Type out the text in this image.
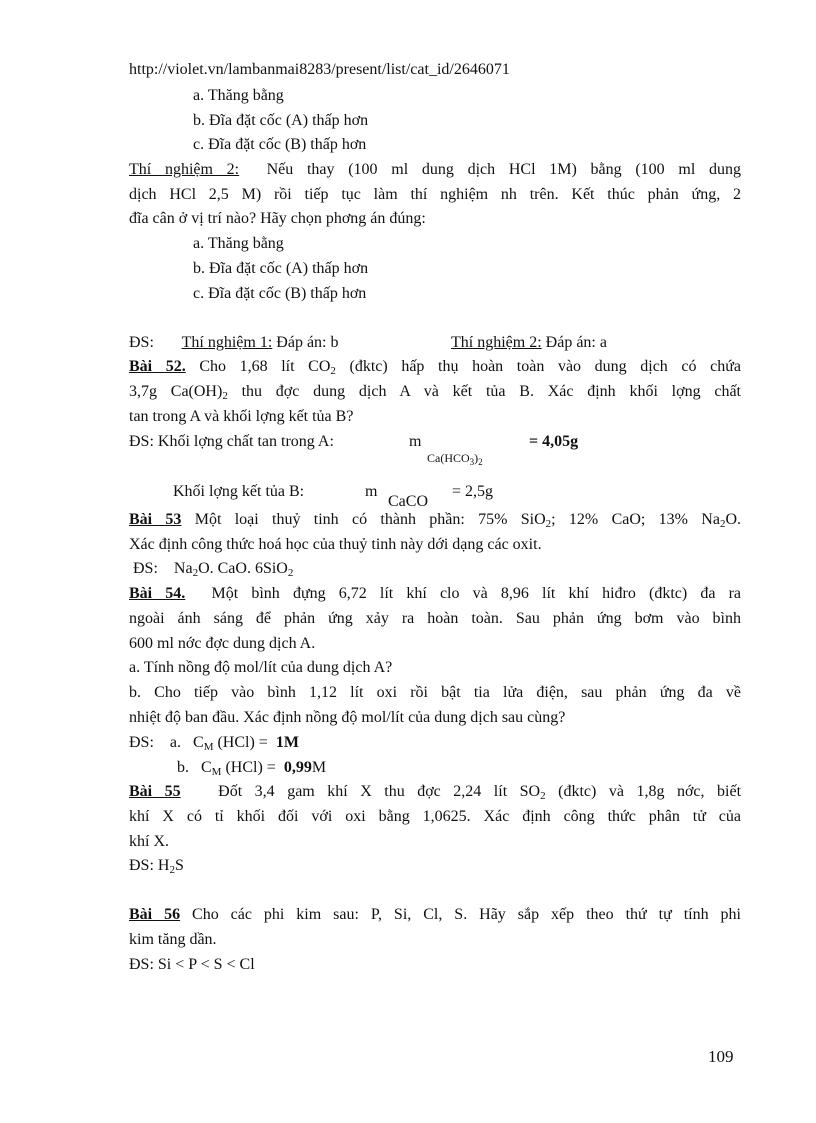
http://violet.vn/lambanmai8283/present/list/cat_id/2646071
a. Thăng bằng
b. Đĩa đặt cốc (A) thấp hơn
c. Đĩa đặt cốc (B) thấp hơn
Thí nghiệm 2: Nếu thay (100 ml dung dịch HCl 1M) bằng (100 ml dung
dịch HCl 2,5 M) rồi tiếp tục làm thí nghiệm nh trên. Kết thúc phản ứng, 2
đĩa cân ở vị trí nào? Hãy chọn phơng án đúng:
a. Thăng bằng
b. Đĩa đặt cốc (A) thấp hơn
c. Đĩa đặt cốc (B) thấp hơn
ĐS: Thí nghiệm 1: Đáp án: b	Thí nghiệm 2: Đáp án: a
Bài 52. Cho 1,68 lít $CO_2$ (đktc) hấp thụ hoàn toàn vào dung dịch có chứa
3,7g $Ca(OH)_2$ thu đợc dung dịch A và kết tủa B. Xác định khối lợng chất
tan trong A và khối lợng kết tủa B?
ĐS: Khối lợng chất tan trong A:	m
$Ca(HCO_3)_2$
= 4,05g
Khối lợng kết tủa B:	m
CaCO
= 2,5g
Bài 53 Một loại thuỷ tinh có thành phần: 75% SiO$_2$; 12% CaO; 13% $Na_2O$.
Xác định công thức hoá học của thuỷ tinh này dới dạng các oxit.
ĐS: $Na_2O$. CaO. 6SiO$_2$
Bài 54. Một bình đựng 6,72 lít khí clo và 8,96 lít khí hiđro (đktc) đa ra
ngoài ánh sáng để phản ứng xảy ra hoàn toàn. Sau phản ứng bơm vào bình
600 ml nớc đợc dung dịch A.
a. Tính nồng độ mol/lít của dung dịch A?
b. Cho tiếp vào bình 1,12 lít oxi rồi bật tia lửa điện, sau phản ứng đa về
nhiệt độ ban đầu. Xác định nồng độ mol/lít của dung dịch sau cùng?
ĐS: a. $C_M$ (HCl) = 1M
b. $C_M$ (HCl) = 0,99M
Bài 55 Đốt 3,4 gam khí X thu đợc 2,24 lít $SO_2$ (đktc) và 1,8g nớc, biết
khí X có tỉ khối đối với oxi bằng 1,0625. Xác định công thức phân tử của
khí X.
ĐS: $H_2S$
Bài 56 Cho các phi kim sau: P, Si, Cl, S. Hãy sắp xếp theo thứ tự tính phi
kim tăng dần.
ĐS: Si < P < S < Cl
109
